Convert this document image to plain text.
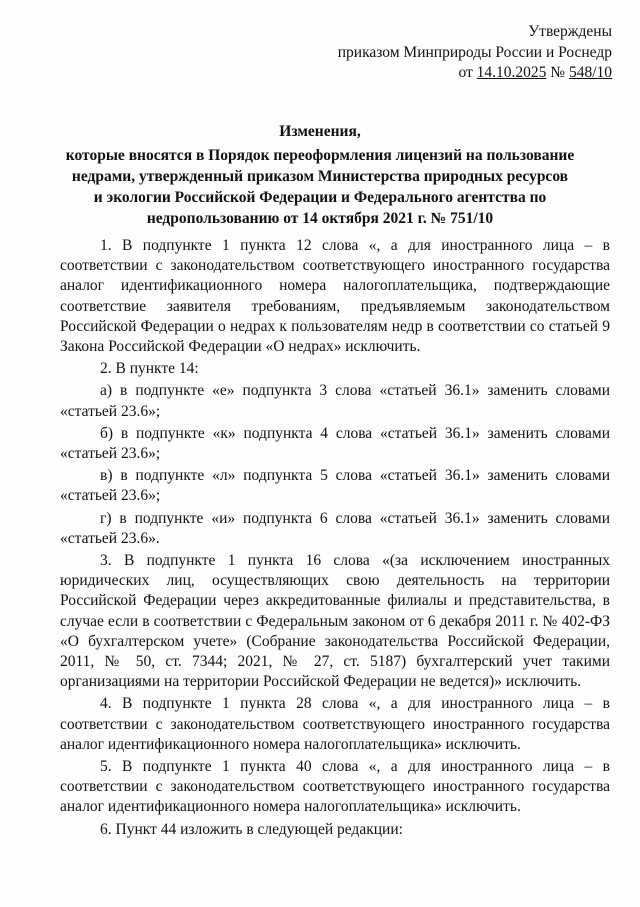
Утверждены
приказом Минприроды России и Роснедр
от 14.10.2025 № 548/10
Изменения,
которые вносятся в Порядок переоформления лицензий на пользование
недрами, утвержденный приказом Министерства природных ресурсов
и экологии Российской Федерации и Федерального агентства по
недропользованию от 14 октября 2021 г. № 751/10

1. В подпункте 1 пункта 12 слова «, а для иностранного лица – в соответствии с законодательством соответствующего иностранного государства аналог идентификационного номера налогоплательщика, подтверждающие соответствие заявителя требованиям, предъявляемым законодательством Российской Федерации о недрах к пользователям недр в соответствии со статьей 9 Закона Российской Федерации «О недрах» исключить.

2. В пункте 14:

а) в подпункте «е» подпункта 3 слова «статьей 36.1» заменить словами «статьей 23.6»;

б) в подпункте «к» подпункта 4 слова «статьей 36.1» заменить словами «статьей 23.6»;

в) в подпункте «л» подпункта 5 слова «статьей 36.1» заменить словами «статьей 23.6»;

г) в подпункте «и» подпункта 6 слова «статьей 36.1» заменить словами «статьей 23.6».

3. В подпункте 1 пункта 16 слова «(за исключением иностранных юридических лиц, осуществляющих свою деятельность на территории Российской Федерации через аккредитованные филиалы и представительства, в случае если в соответствии с Федеральным законом от 6 декабря 2011 г. № 402-ФЗ «О бухгалтерском учете» (Собрание законодательства Российской Федерации, 2011, № 50, ст. 7344; 2021, № 27, ст. 5187) бухгалтерский учет такими организациями на территории Российской Федерации не ведется)» исключить.

4. В подпункте 1 пункта 28 слова «, а для иностранного лица – в соответствии с законодательством соответствующего иностранного государства аналог идентификационного номера налогоплательщика» исключить.

5. В подпункте 1 пункта 40 слова «, а для иностранного лица – в соответствии с законодательством соответствующего иностранного государства аналог идентификационного номера налогоплательщика» исключить.

6. Пункт 44 изложить в следующей редакции:
